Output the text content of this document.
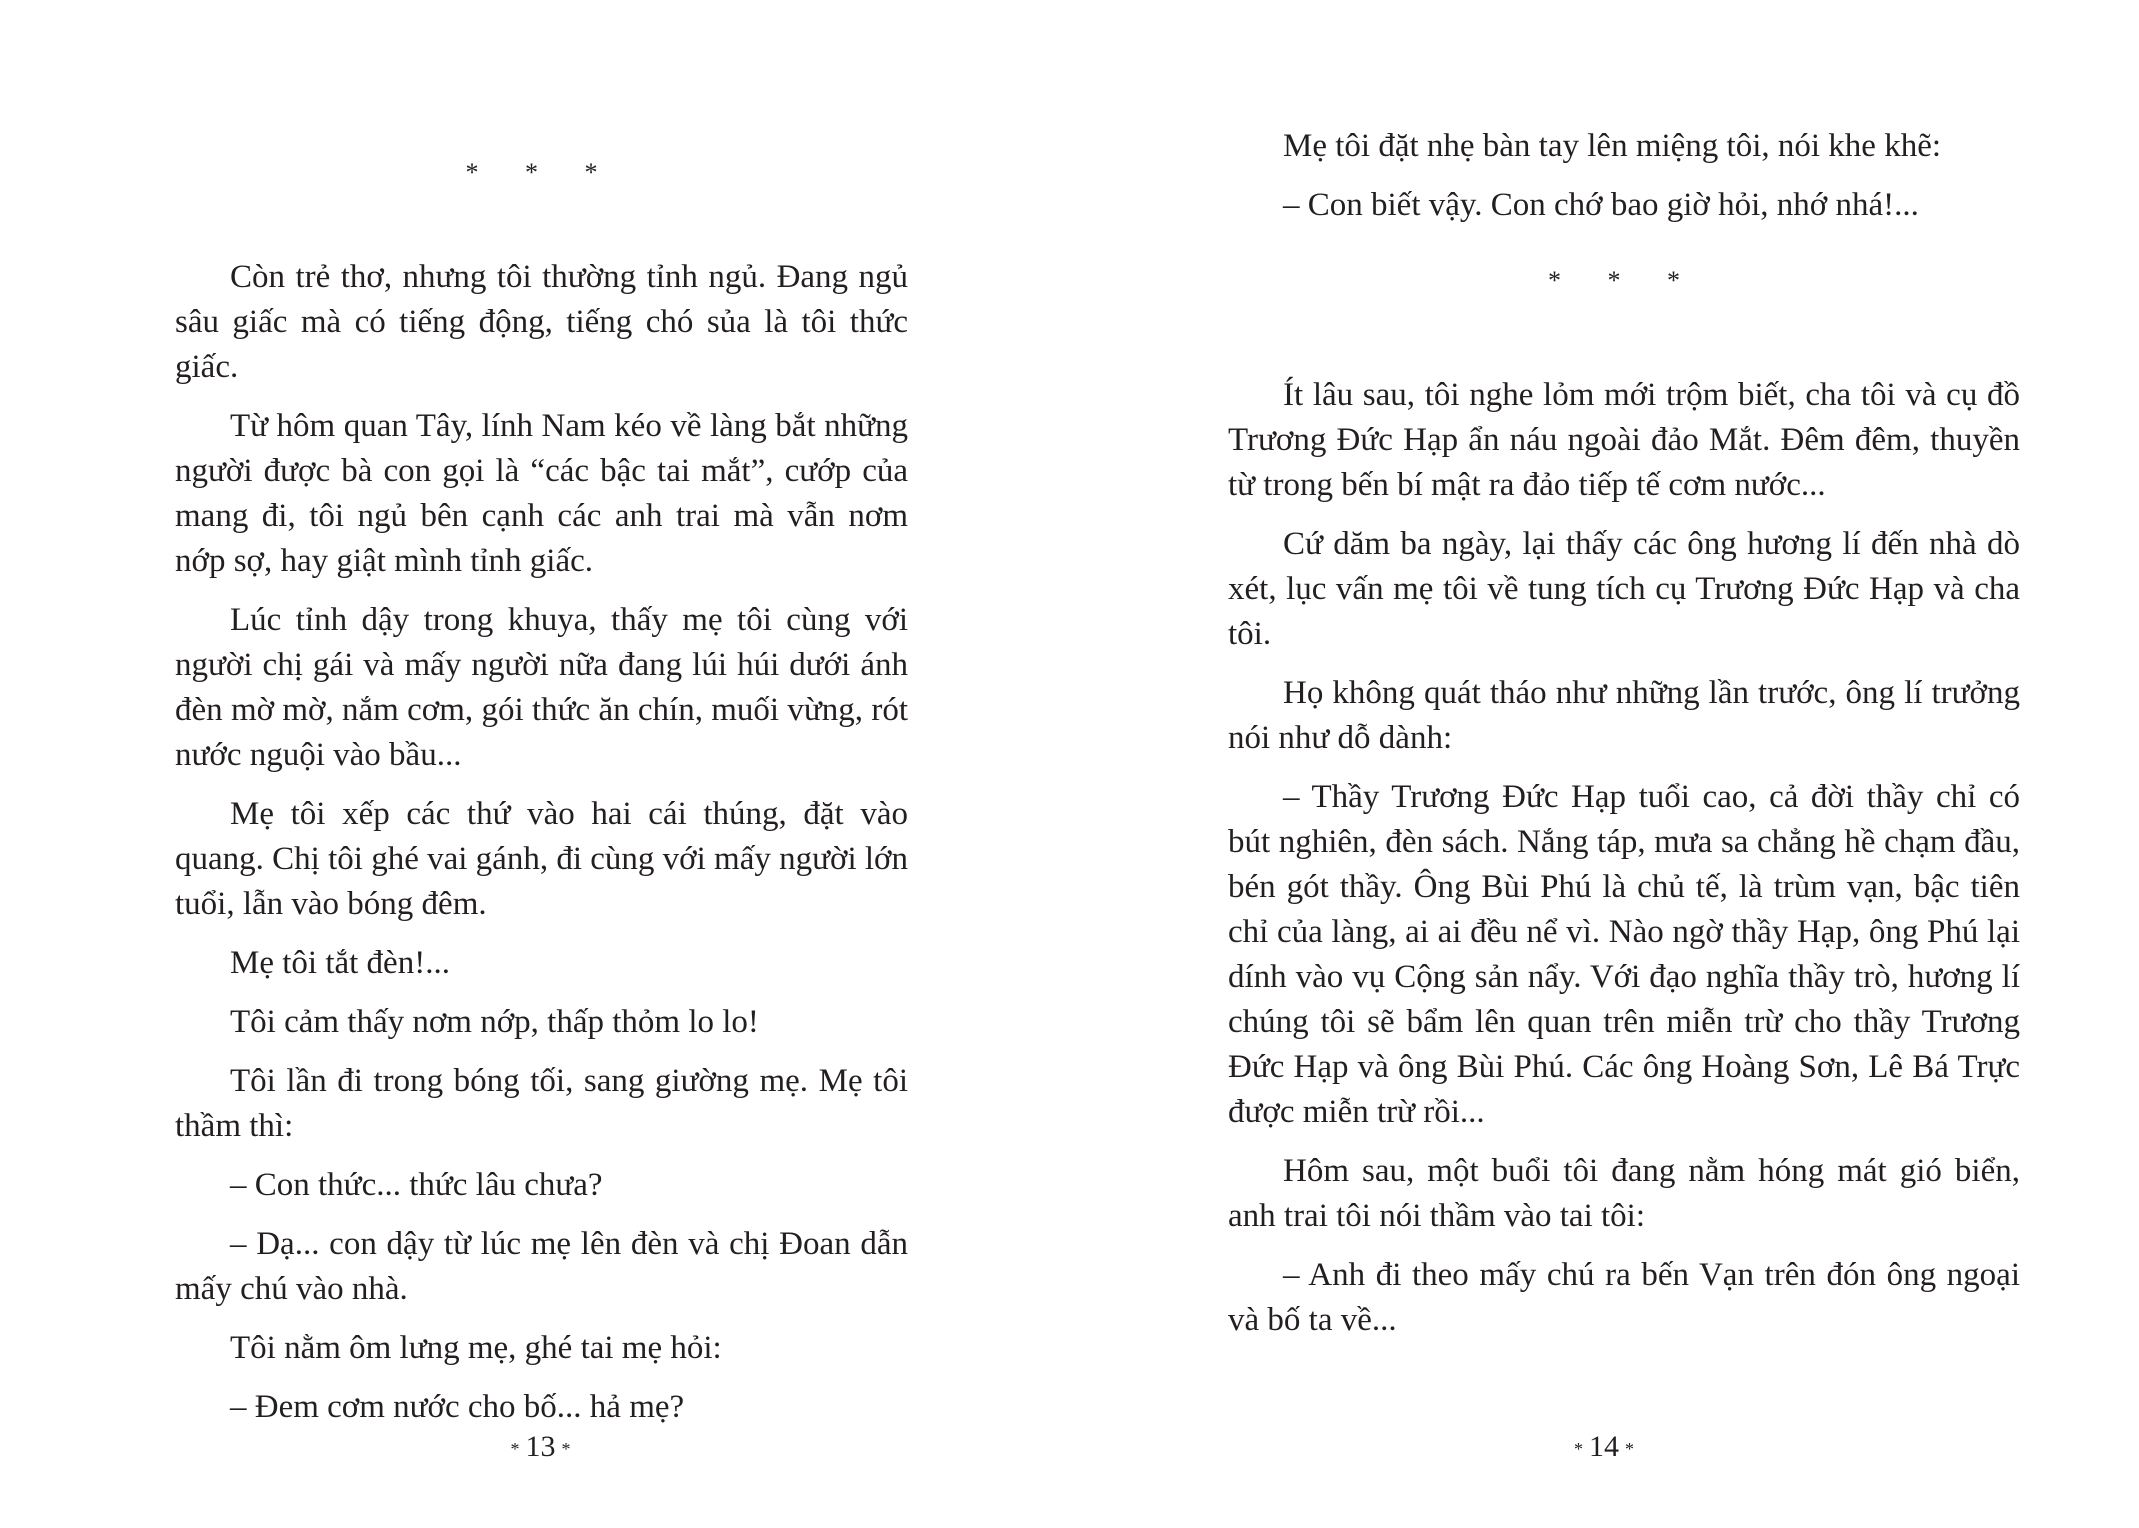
* * *

Còn trẻ thơ, nhưng tôi thường tỉnh ngủ. Đang ngủ sâu giấc mà có tiếng động, tiếng chó sủa là tôi thức giấc.

Từ hôm quan Tây, lính Nam kéo về làng bắt những người được bà con gọi là “các bậc tai mắt”, cướp của mang đi, tôi ngủ bên cạnh các anh trai mà vẫn nơm nớp sợ, hay giật mình tỉnh giấc.

Lúc tỉnh dậy trong khuya, thấy mẹ tôi cùng với người chị gái và mấy người nữa đang lúi húi dưới ánh đèn mờ mờ, nắm cơm, gói thức ăn chín, muối vừng, rót nước nguội vào bầu...

Mẹ tôi xếp các thứ vào hai cái thúng, đặt vào quang. Chị tôi ghé vai gánh, đi cùng với mấy người lớn tuổi, lẫn vào bóng đêm.

Mẹ tôi tắt đèn!...

Tôi cảm thấy nơm nớp, thấp thỏm lo lo!

Tôi lần đi trong bóng tối, sang giường mẹ. Mẹ tôi thầm thì:

– Con thức... thức lâu chưa?

– Dạ... con dậy từ lúc mẹ lên đèn và chị Đoan dẫn mấy chú vào nhà.

Tôi nằm ôm lưng mẹ, ghé tai mẹ hỏi:

– Đem cơm nước cho bố... hả mẹ?

* 13 *

Mẹ tôi đặt nhẹ bàn tay lên miệng tôi, nói khe khẽ:

– Con biết vậy. Con chớ bao giờ hỏi, nhớ nhá!...

* * *

Ít lâu sau, tôi nghe lỏm mới trộm biết, cha tôi và cụ đồ Trương Đức Hạp ẩn náu ngoài đảo Mắt. Đêm đêm, thuyền từ trong bến bí mật ra đảo tiếp tế cơm nước...

Cứ dăm ba ngày, lại thấy các ông hương lí đến nhà dò xét, lục vấn mẹ tôi về tung tích cụ Trương Đức Hạp và cha tôi.

Họ không quát tháo như những lần trước, ông lí trưởng nói như dỗ dành:

– Thầy Trương Đức Hạp tuổi cao, cả đời thầy chỉ có bút nghiên, đèn sách. Nắng táp, mưa sa chẳng hề chạm đầu, bén gót thầy. Ông Bùi Phú là chủ tế, là trùm vạn, bậc tiên chỉ của làng, ai ai đều nể vì. Nào ngờ thầy Hạp, ông Phú lại dính vào vụ Cộng sản nẩy. Với đạo nghĩa thầy trò, hương lí chúng tôi sẽ bẩm lên quan trên miễn trừ cho thầy Trương Đức Hạp và ông Bùi Phú. Các ông Hoàng Sơn, Lê Bá Trực được miễn trừ rồi...

Hôm sau, một buổi tôi đang nằm hóng mát gió biển, anh trai tôi nói thầm vào tai tôi:

– Anh đi theo mấy chú ra bến Vạn trên đón ông ngoại và bố ta về...

* 14 *
